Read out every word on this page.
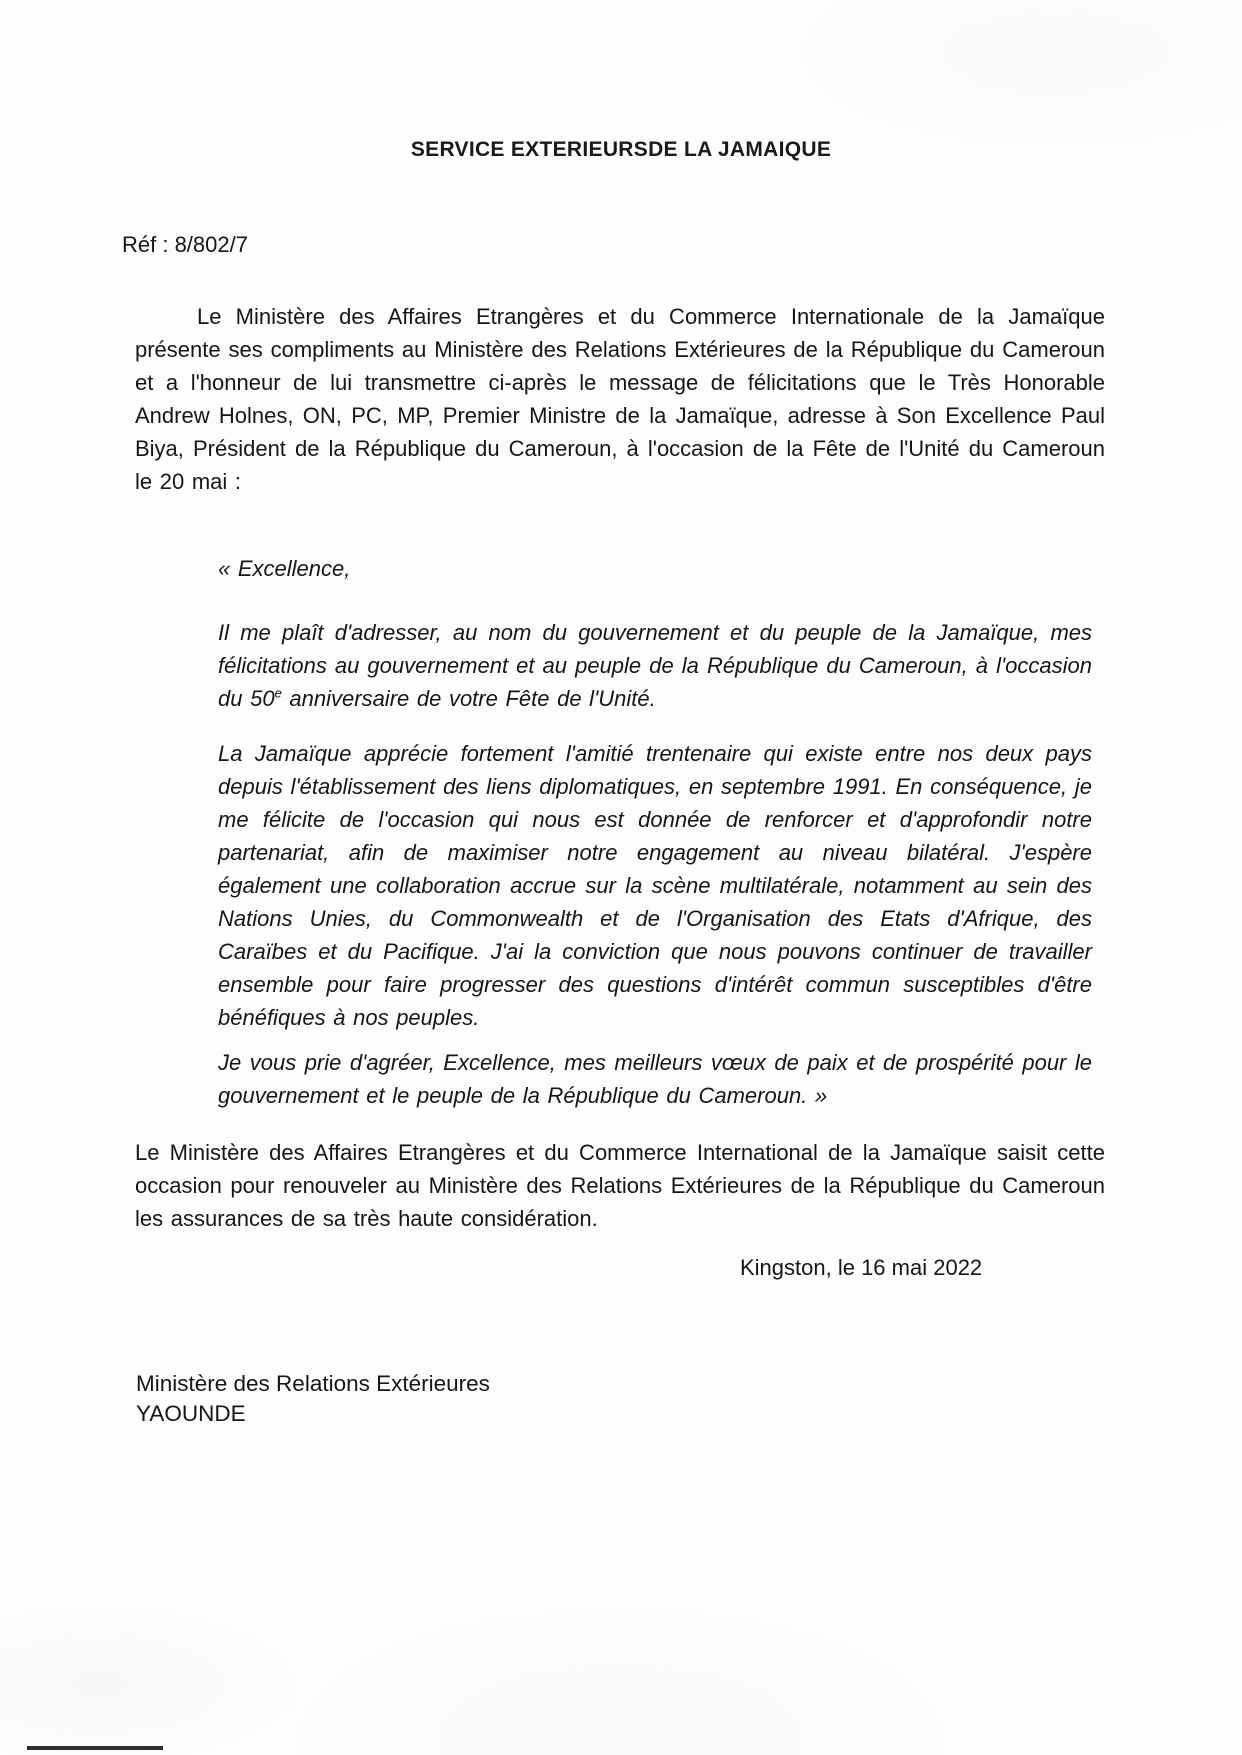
SERVICE EXTERIEURSDE LA JAMAIQUE
Réf : 8/802/7

Le Ministère des Affaires Etrangères et du Commerce Internationale de la Jamaïque présente ses compliments au Ministère des Relations Extérieures de la République du Cameroun et a l'honneur de lui transmettre ci-après le message de félicitations que le Très Honorable Andrew Holnes, ON, PC, MP, Premier Ministre de la Jamaïque, adresse à Son Excellence Paul Biya, Président de la République du Cameroun, à l'occasion de la Fête de l'Unité du Cameroun le 20 mai :

« Excellence,

Il me plaît d'adresser, au nom du gouvernement et du peuple de la Jamaïque, mes félicitations au gouvernement et au peuple de la République du Cameroun, à l'occasion du 50e anniversaire de votre Fête de l'Unité.

La Jamaïque apprécie fortement l'amitié trentenaire qui existe entre nos deux pays depuis l'établissement des liens diplomatiques, en septembre 1991. En conséquence, je me félicite de l'occasion qui nous est donnée de renforcer et d'approfondir notre partenariat, afin de maximiser notre engagement au niveau bilatéral. J'espère également une collaboration accrue sur la scène multilatérale, notamment au sein des Nations Unies, du Commonwealth et de l'Organisation des Etats d'Afrique, des Caraïbes et du Pacifique. J'ai la conviction que nous pouvons continuer de travailler ensemble pour faire progresser des questions d'intérêt commun susceptibles d'être bénéfiques à nos peuples.

Je vous prie d'agréer, Excellence, mes meilleurs vœux de paix et de prospérité pour le gouvernement et le peuple de la République du Cameroun. »

Le Ministère des Affaires Etrangères et du Commerce International de la Jamaïque saisit cette occasion pour renouveler au Ministère des Relations Extérieures de la République du Cameroun les assurances de sa très haute considération.

Kingston, le 16 mai 2022
Ministère des Relations Extérieures
YAOUNDE
